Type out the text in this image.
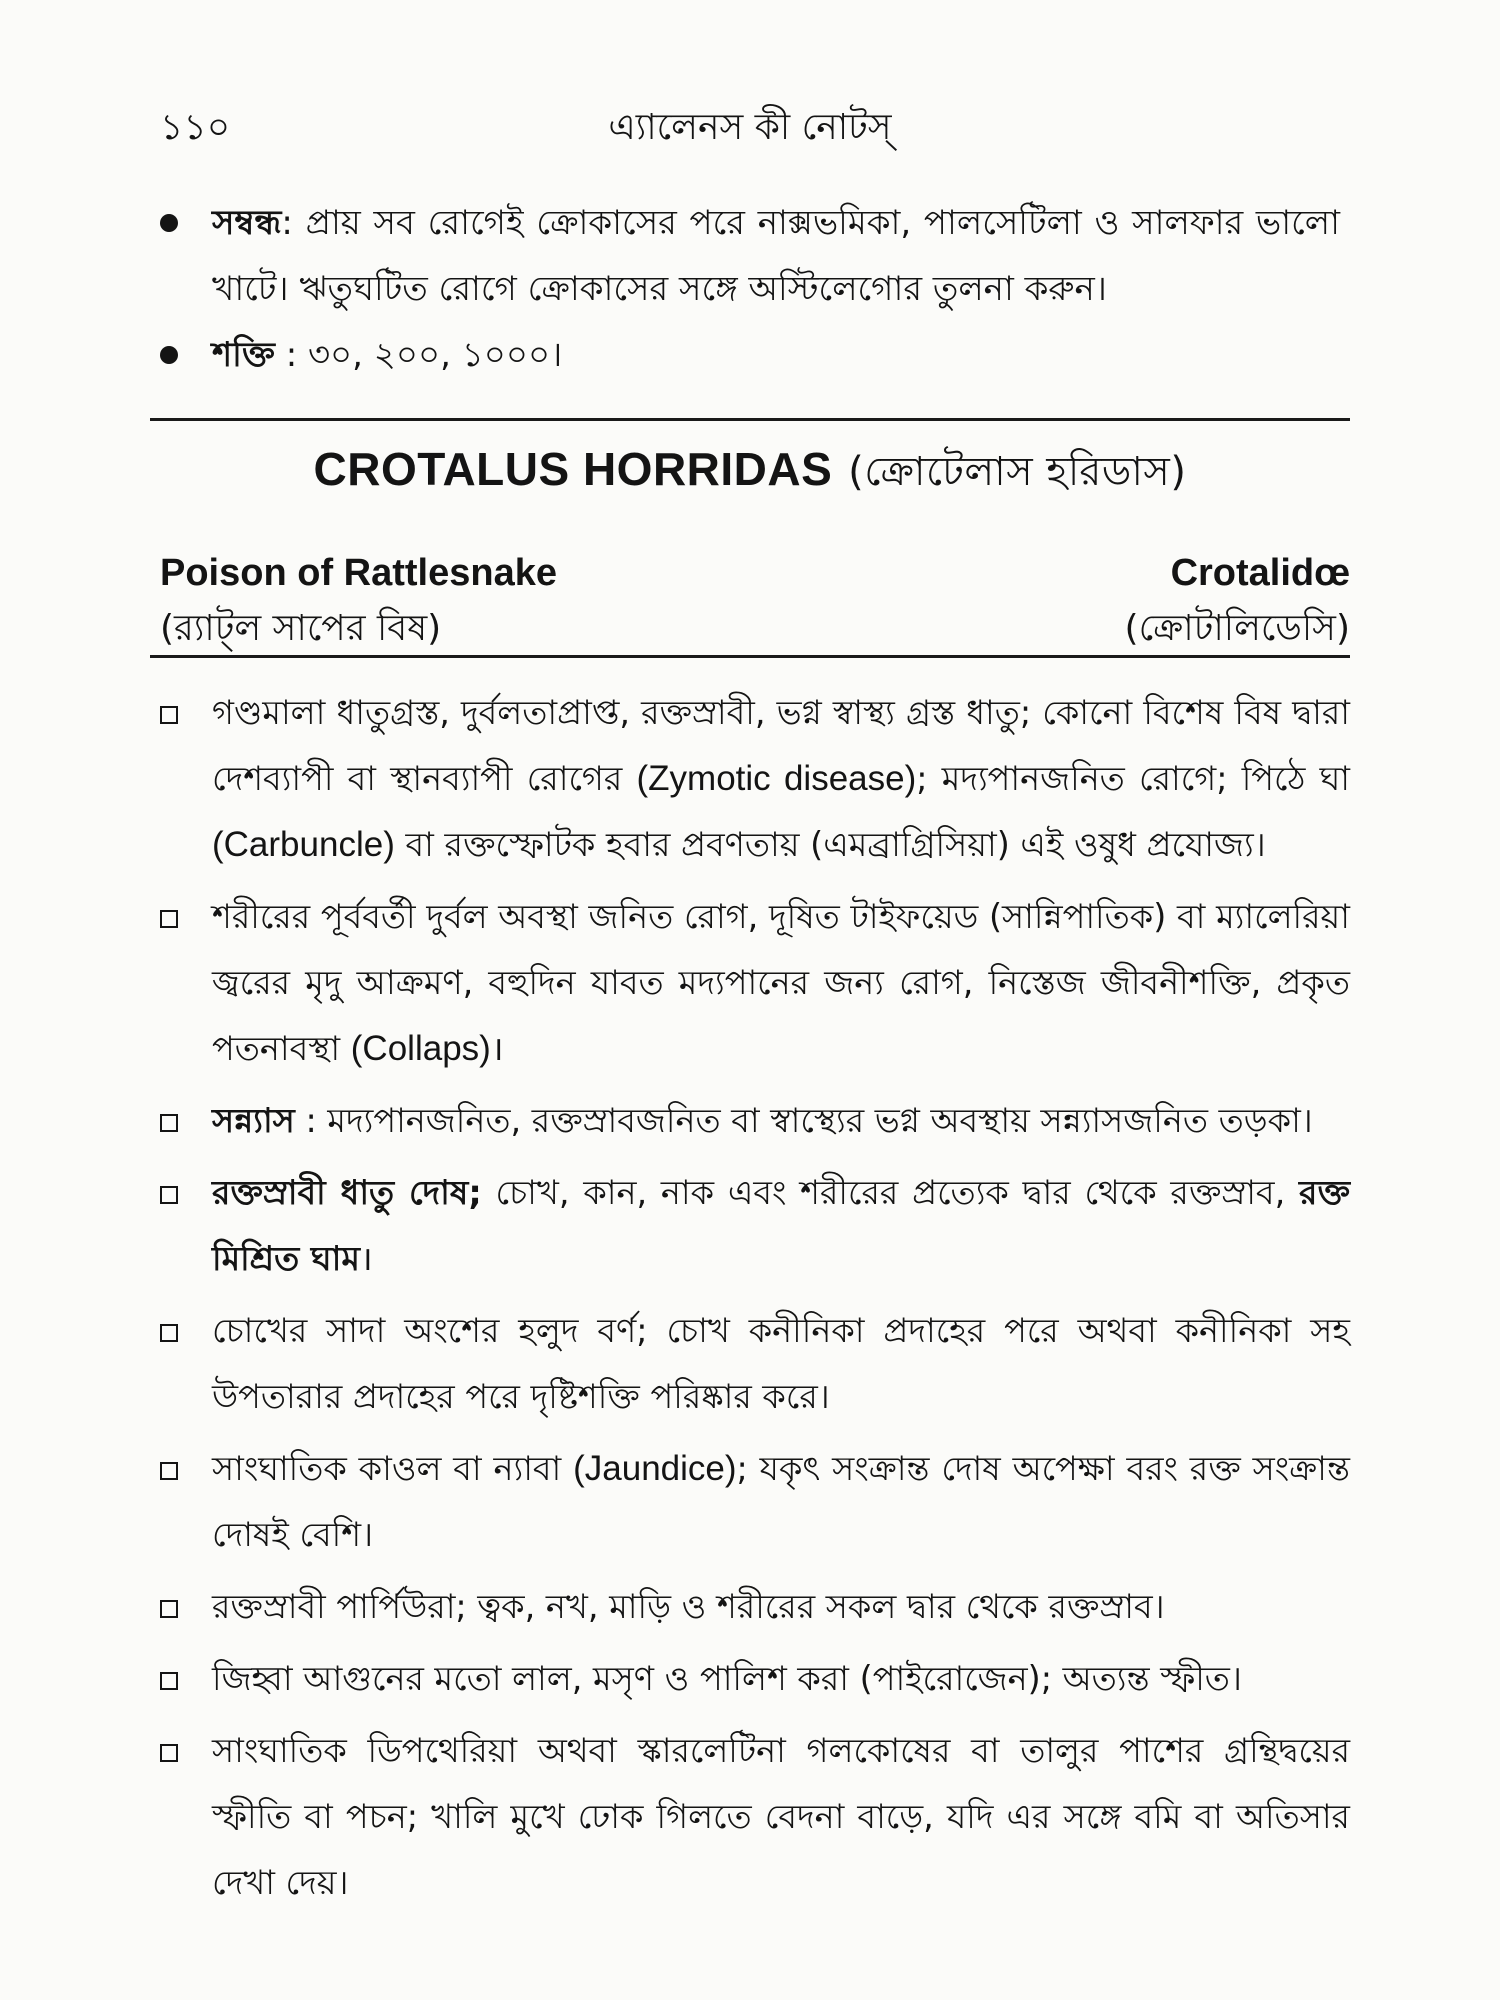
১১০	এ্যালেনস কী নোটস্
সম্বন্ধ: প্রায় সব রোগেই ক্রোকাসের পরে নাক্সভমিকা, পালসেটিলা ও সালফার ভালো খাটে। ঋতুঘটিত রোগে ক্রোকাসের সঙ্গে অস্টিলেগোর তুলনা করুন।
শক্তি : ৩০, ২০০, ১০০০।
CROTALUS HORRIDAS (ক্রোটেলাস হরিডাস)
Poison of Rattlesnake
(র‍্যাট্‌ল সাপের বিষ)
Crotalidœ
(ক্রোটালিডেসি)
গণ্ডমালা ধাতুগ্রস্ত, দুর্বলতাপ্রাপ্ত, রক্তস্রাবী, ভগ্ন স্বাস্থ্য গ্রস্ত ধাতু; কোনো বিশেষ বিষ দ্বারা দেশব্যাপী বা স্থানব্যাপী রোগের (Zymotic disease); মদ্যপানজনিত রোগে; পিঠে ঘা (Carbuncle) বা রক্তস্ফোটক হবার প্রবণতায় (এমব্রাগ্রিসিয়া) এই ওষুধ প্রযোজ্য।
শরীরের পূর্ববর্তী দুর্বল অবস্থা জনিত রোগ, দূষিত টাইফয়েড (সান্নিপাতিক) বা ম্যালেরিয়া জ্বরের মৃদু আক্রমণ, বহুদিন যাবত মদ্যপানের জন্য রোগ, নিস্তেজ জীবনীশক্তি, প্রকৃত পতনাবস্থা (Collaps)।
সন্ন্যাস : মদ্যপানজনিত, রক্তস্রাবজনিত বা স্বাস্থ্যের ভগ্ন অবস্থায় সন্ন্যাসজনিত তড়কা।
রক্তস্রাবী ধাতু দোষ; চোখ, কান, নাক এবং শরীরের প্রত্যেক দ্বার থেকে রক্তস্রাব, রক্ত মিশ্রিত ঘাম।
চোখের সাদা অংশের হলুদ বর্ণ; চোখ কনীনিকা প্রদাহের পরে অথবা কনীনিকা সহ উপতারার প্রদাহের পরে দৃষ্টিশক্তি পরিষ্কার করে।
সাংঘাতিক কাওল বা ন্যাবা (Jaundice); যকৃৎ সংক্রান্ত দোষ অপেক্ষা বরং রক্ত সংক্রান্ত দোষই বেশি।
রক্তস্রাবী পার্পিউরা; ত্বক, নখ, মাড়ি ও শরীরের সকল দ্বার থেকে রক্তস্রাব।
জিহ্বা আগুনের মতো লাল, মসৃণ ও পালিশ করা (পাইরোজেন); অত্যন্ত স্ফীত।
সাংঘাতিক ডিপথেরিয়া অথবা স্কারলেটিনা গলকোষের বা তালুর পাশের গ্রন্থিদ্বয়ের স্ফীতি বা পচন; খালি মুখে ঢোক গিলতে বেদনা বাড়ে, যদি এর সঙ্গে বমি বা অতিসার দেখা দেয়।
